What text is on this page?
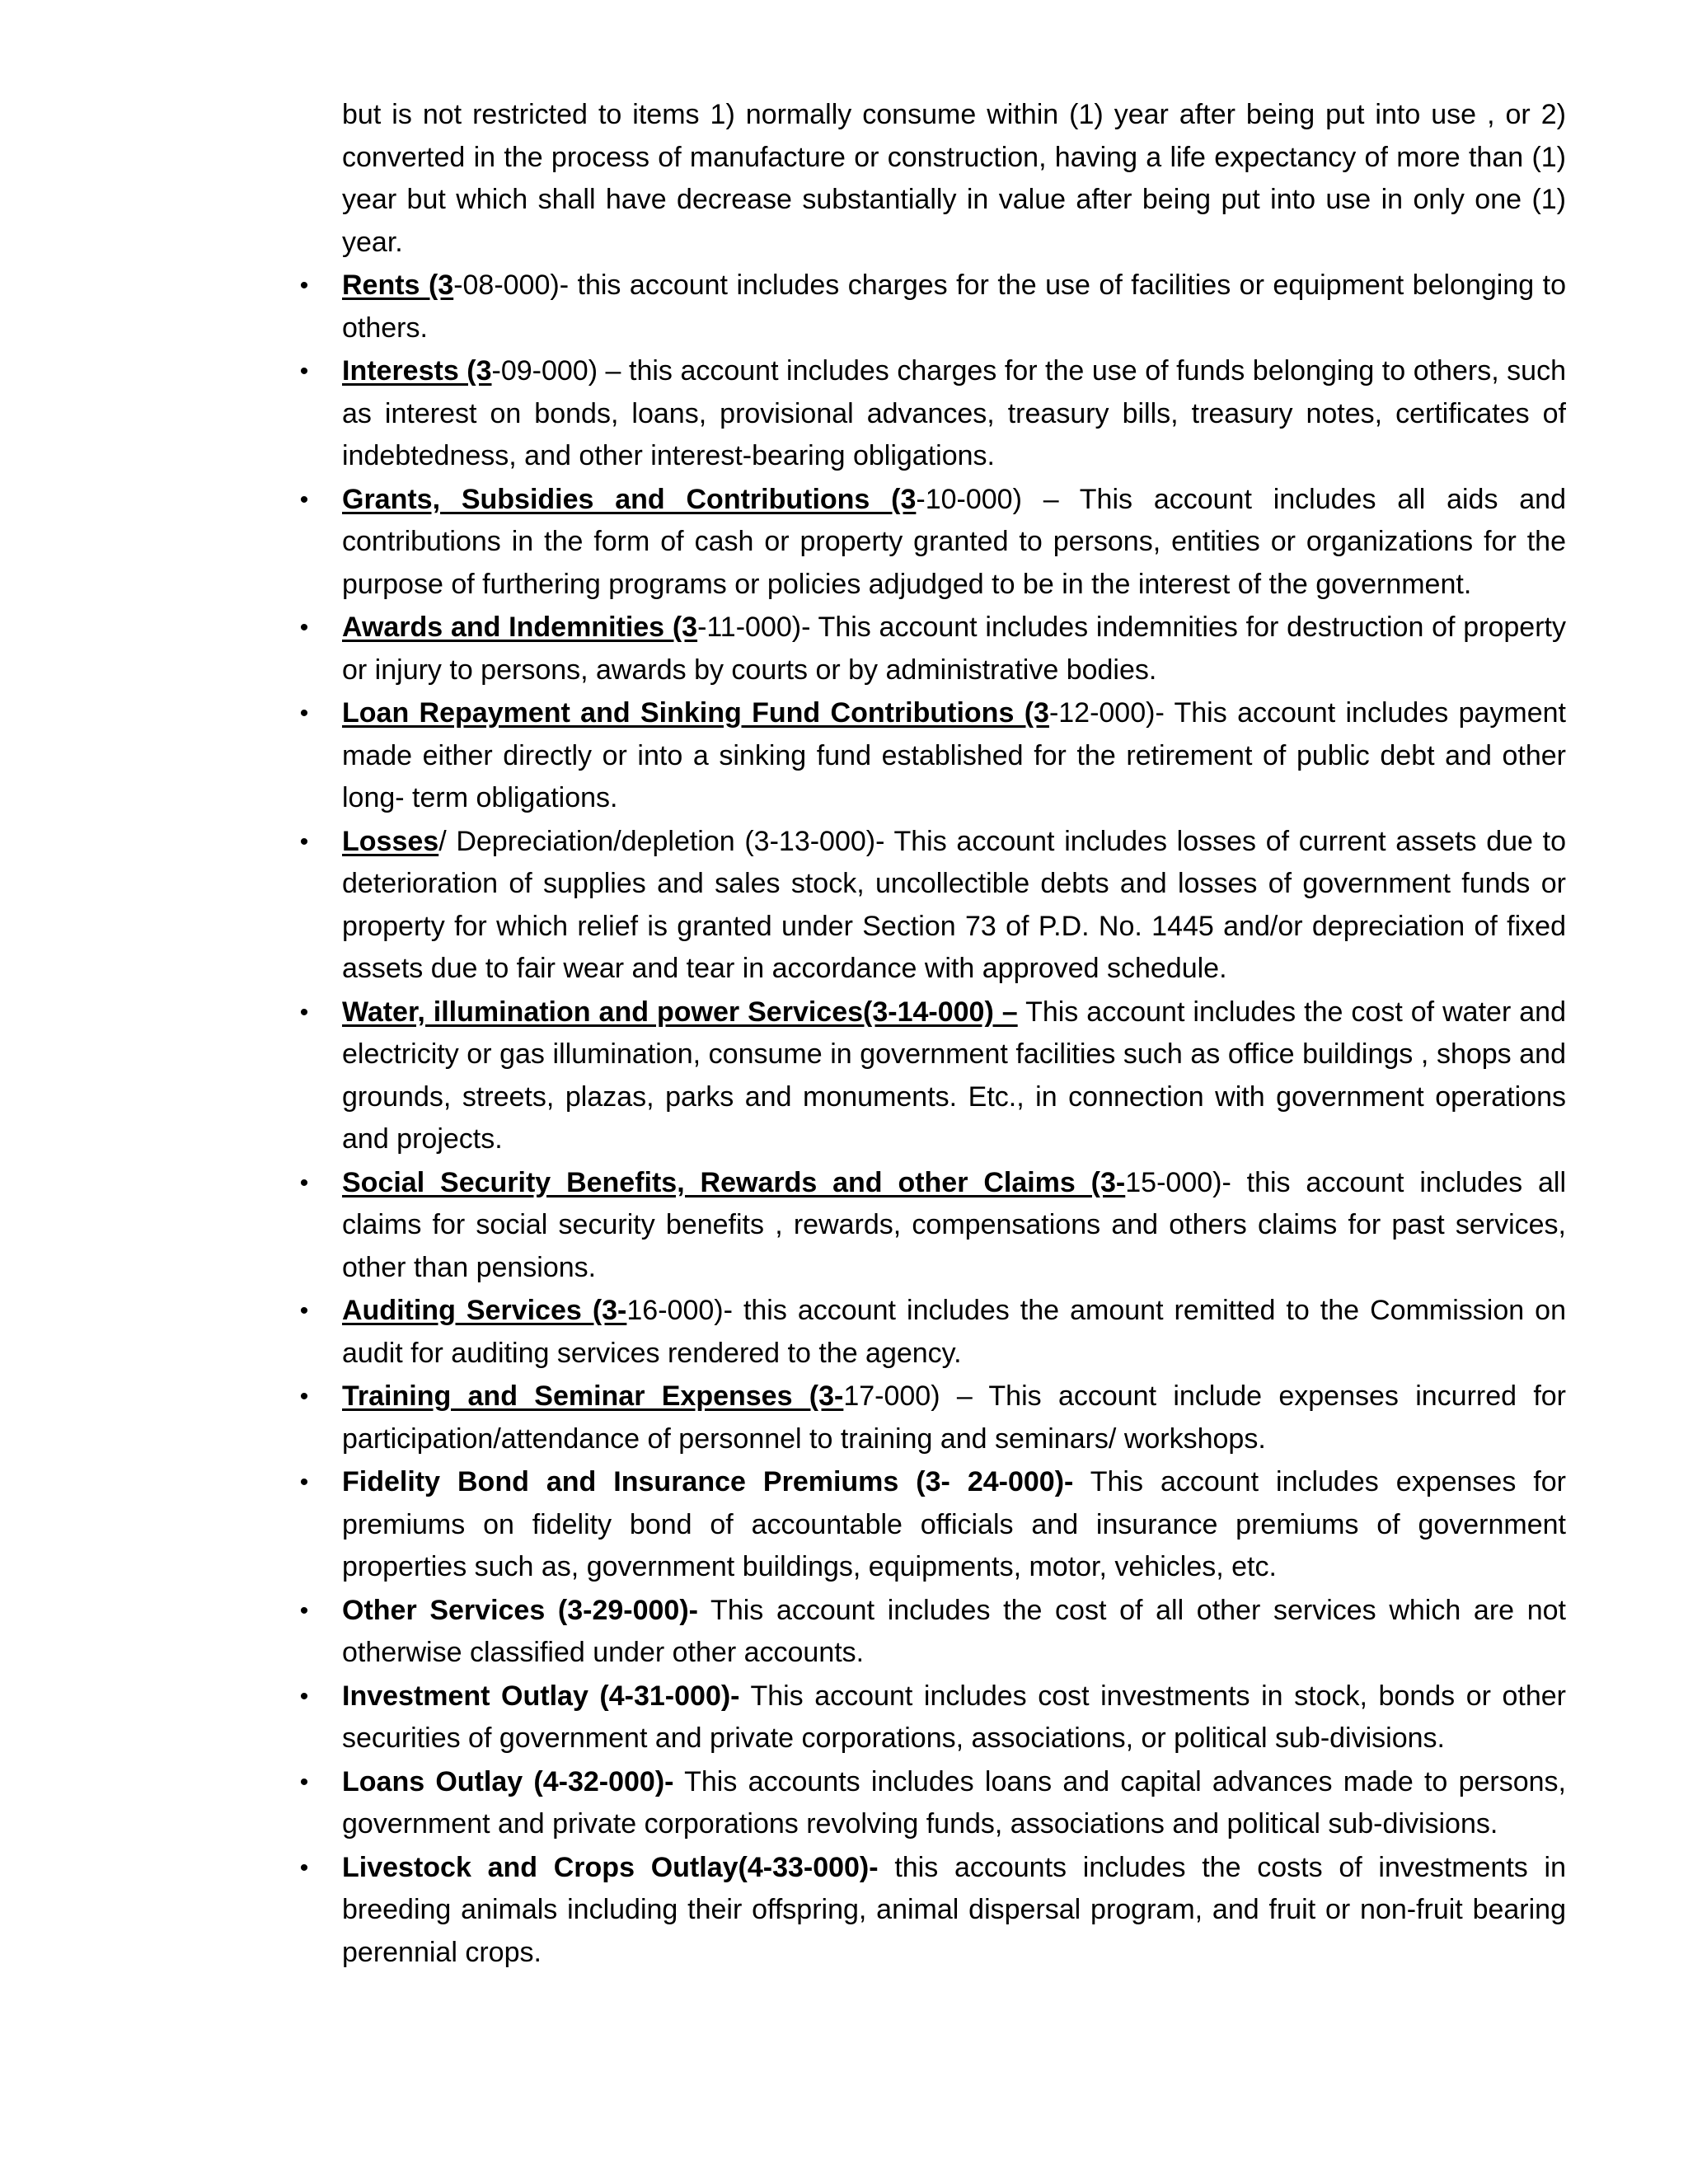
but is not restricted to items 1) normally consume within (1) year after being put into use , or 2) converted in the process of manufacture or construction, having a life expectancy of more than (1) year but which shall have decrease substantially in value after being put into use in only one (1) year.

• Rents (3-08-000)- this account includes charges for the use of facilities or equipment belonging to others.
• Interests (3-09-000) – this account includes charges for the use of funds belonging to others, such as interest on bonds, loans, provisional advances, treasury bills, treasury notes, certificates of indebtedness, and other interest-bearing obligations.
• Grants, Subsidies and Contributions (3-10-000) – This account includes all aids and contributions in the form of cash or property granted to persons, entities or organizations for the purpose of furthering programs or policies adjudged to be in the interest of the government.
• Awards and Indemnities (3-11-000)- This account includes indemnities for destruction of property or injury to persons, awards by courts or by administrative bodies.
• Loan Repayment and Sinking Fund Contributions (3-12-000)- This account includes payment made either directly or into a sinking fund established for the retirement of public debt and other long- term obligations.
• Losses/ Depreciation/depletion (3-13-000)- This account includes losses of current assets due to deterioration of supplies and sales stock, uncollectible debts and losses of government funds or property for which relief is granted under Section 73 of P.D. No. 1445 and/or depreciation of fixed assets due to fair wear and tear in accordance with approved schedule.
• Water, illumination and power Services(3-14-000) – This account includes the cost of water and electricity or gas illumination, consume in government facilities such as office buildings , shops and grounds, streets, plazas, parks and monuments. Etc., in connection with government operations and projects.
• Social Security Benefits, Rewards and other Claims (3-15-000)- this account includes all claims for social security benefits , rewards, compensations and others claims for past services, other than pensions.
• Auditing Services (3-16-000)- this account includes the amount remitted to the Commission on audit for auditing services rendered to the agency.
• Training and Seminar Expenses (3-17-000) – This account include expenses incurred for participation/attendance of personnel to training and seminars/ workshops.
• Fidelity Bond and Insurance Premiums (3- 24-000)- This account includes expenses for premiums on fidelity bond of accountable officials and insurance premiums of government properties such as, government buildings, equipments, motor, vehicles, etc.
• Other Services (3-29-000)- This account includes the cost of all other services which are not otherwise classified under other accounts.
• Investment Outlay (4-31-000)- This account includes cost investments in stock, bonds or other securities of government and private corporations, associations, or political sub-divisions.
• Loans Outlay (4-32-000)- This accounts includes loans and capital advances made to persons, government and private corporations revolving funds, associations and political sub-divisions.
• Livestock and Crops Outlay(4-33-000)- this accounts includes the costs of investments in breeding animals including their offspring, animal dispersal program, and fruit or non-fruit bearing perennial crops.
